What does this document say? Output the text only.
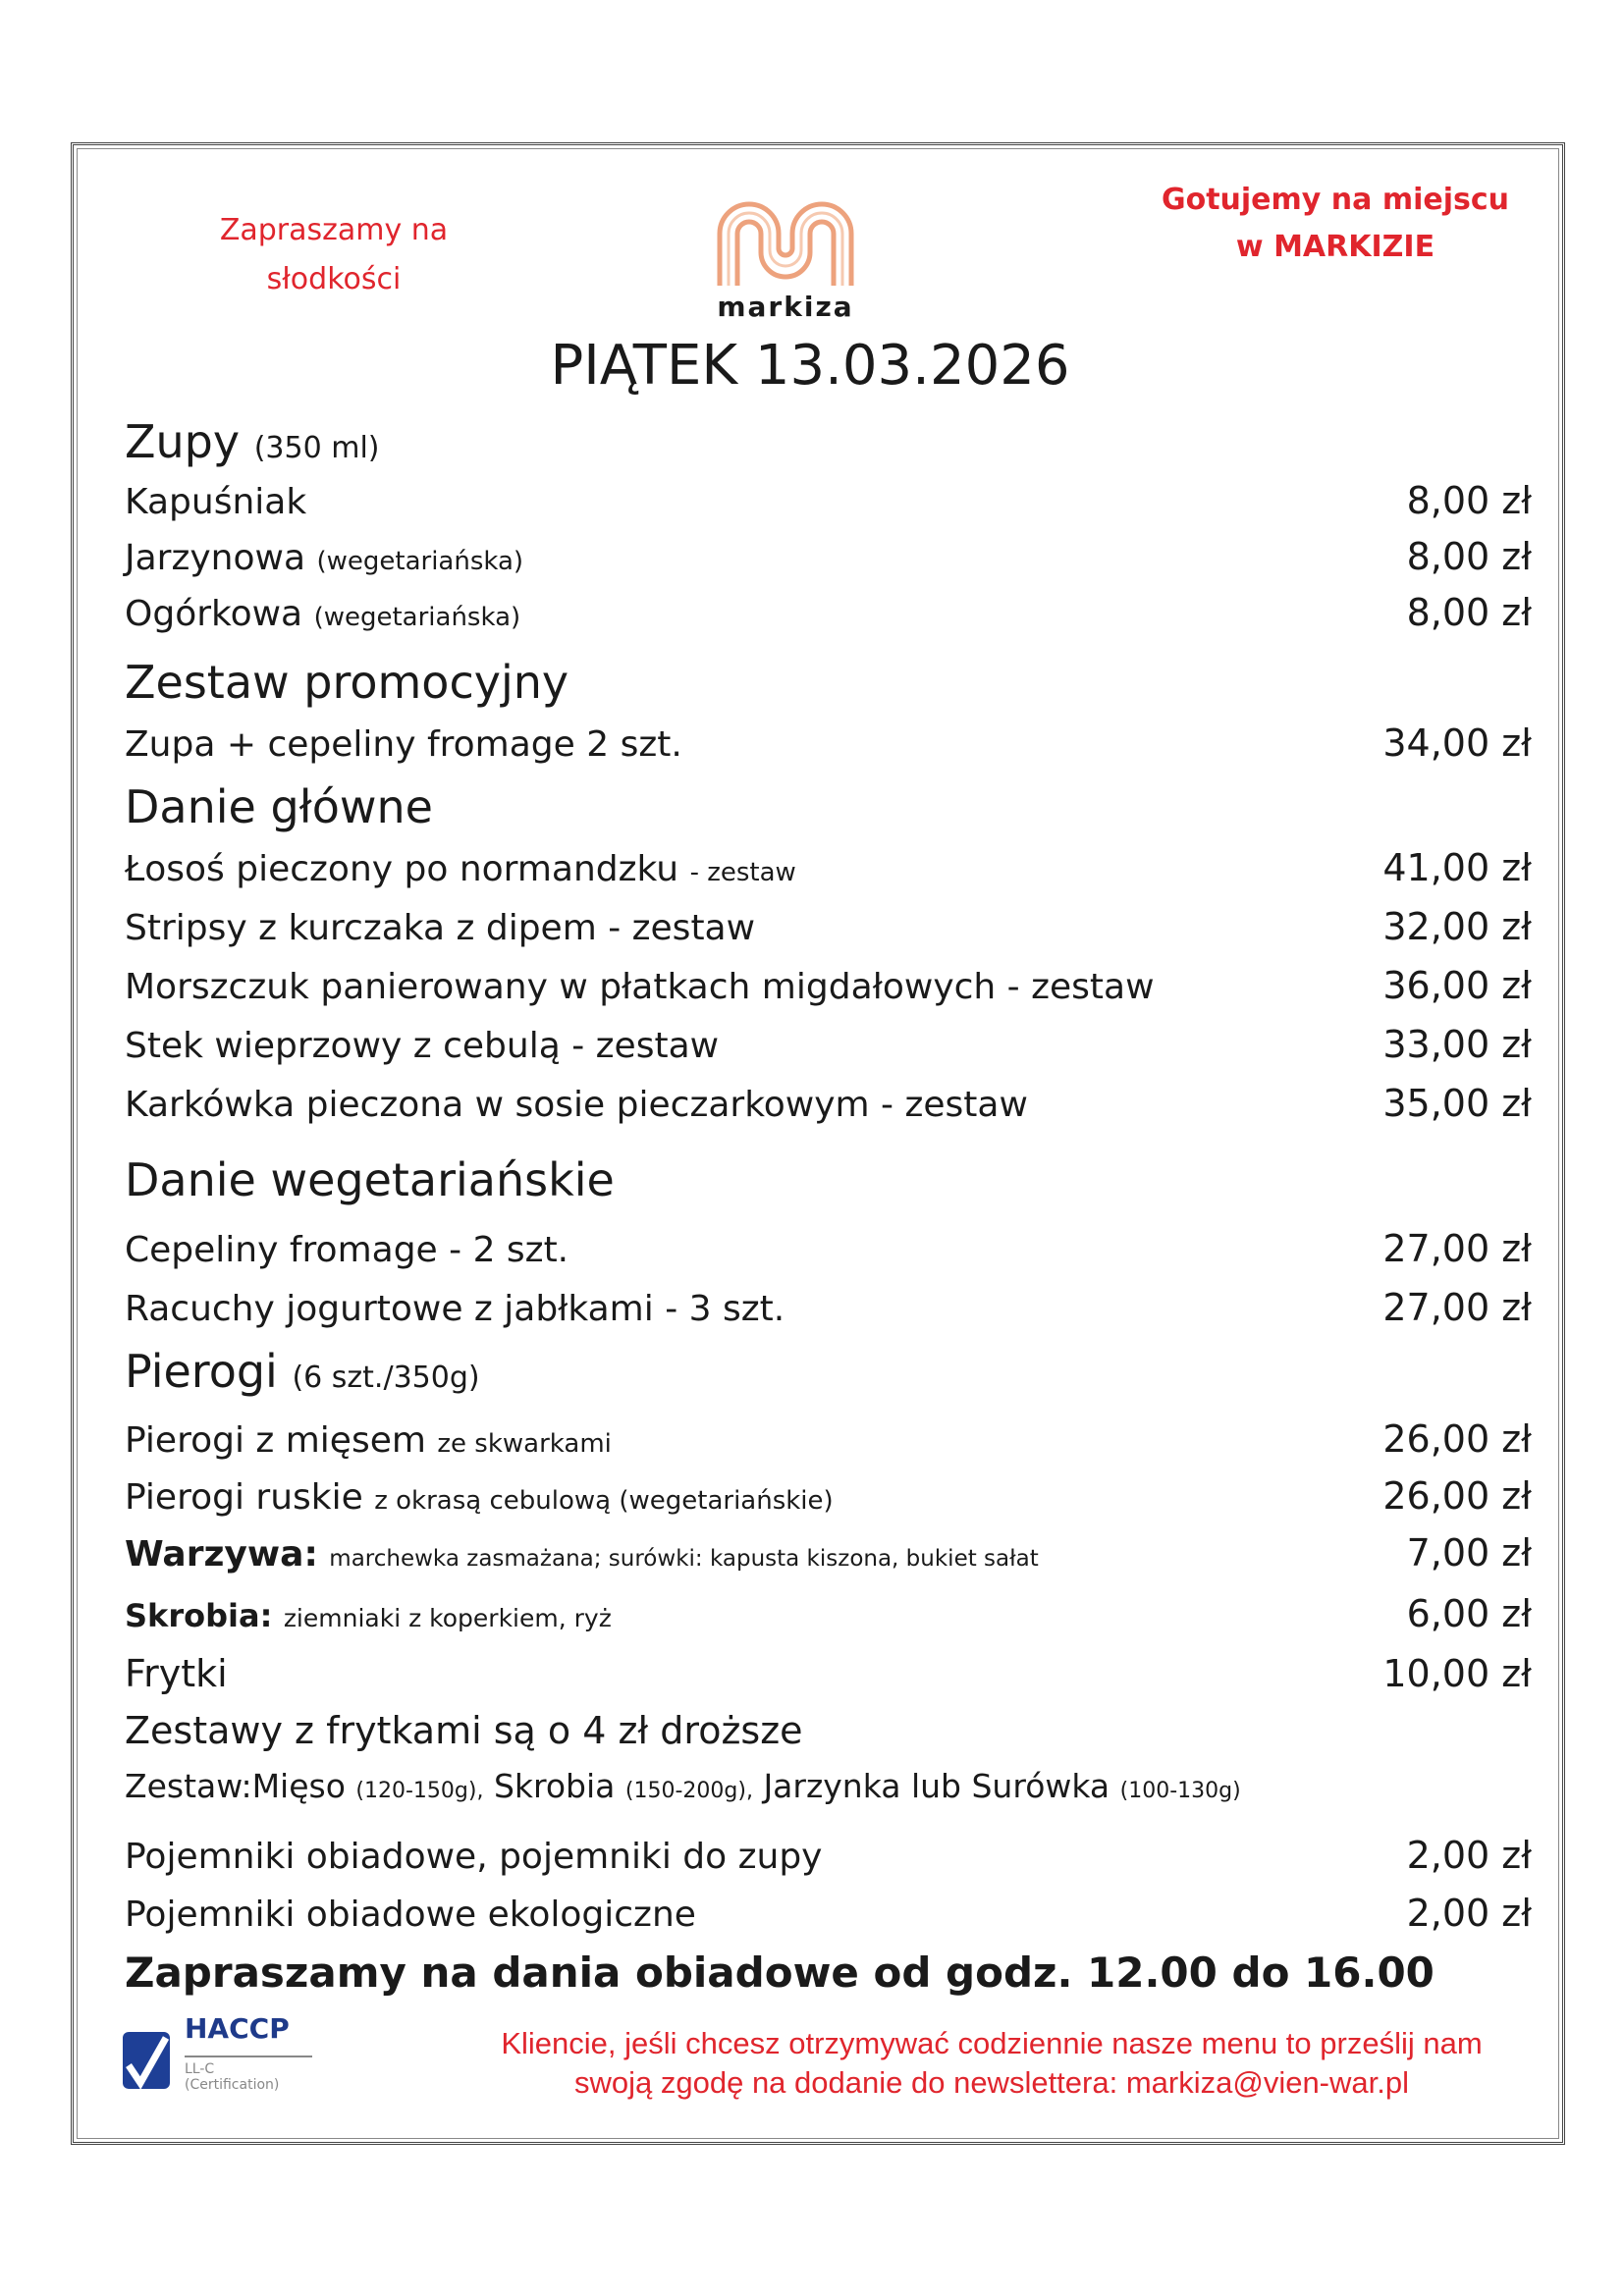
Zapraszamy na
słodkości
markiza
Gotujemy na miejscu
w MARKIZIE
PIĄTEK 13.03.2026
Zupy (350 ml)
Kapuśniak	8,00 zł
Jarzynowa (wegetariańska)	8,00 zł
Ogórkowa (wegetariańska)	8,00 zł
Zestaw promocyjny
Zupa + cepeliny fromage 2 szt.	34,00 zł
Danie główne
Łosoś pieczony po normandzku - zestaw	41,00 zł
Stripsy z kurczaka z dipem - zestaw	32,00 zł
Morszczuk panierowany w płatkach migdałowych - zestaw	36,00 zł
Stek wieprzowy z cebulą - zestaw	33,00 zł
Karkówka pieczona w sosie pieczarkowym - zestaw	35,00 zł
Danie wegetariańskie
Cepeliny fromage - 2 szt.	27,00 zł
Racuchy jogurtowe z jabłkami - 3 szt.	27,00 zł
Pierogi (6 szt./350g)
Pierogi z mięsem ze skwarkami	26,00 zł
Pierogi ruskie z okrasą cebulową (wegetariańskie)	26,00 zł
Warzywa: marchewka zasmażana; surówki: kapusta kiszona, bukiet sałat	7,00 zł
Skrobia: ziemniaki z koperkiem, ryż	6,00 zł
Frytki	10,00 zł
Zestawy z frytkami są o 4 zł droższe
Zestaw:Mięso (120-150g), Skrobia (150-200g), Jarzynka lub Surówka (100-130g)
Pojemniki obiadowe, pojemniki do zupy	2,00 zł
Pojemniki obiadowe ekologiczne	2,00 zł
Zapraszamy na dania obiadowe od godz. 12.00 do 16.00
HACCP
LL-C (Certification)
Kliencie, jeśli chcesz otrzymywać codziennie nasze menu to prześlij nam
swoją zgodę na dodanie do newslettera: markiza@vien-war.pl
